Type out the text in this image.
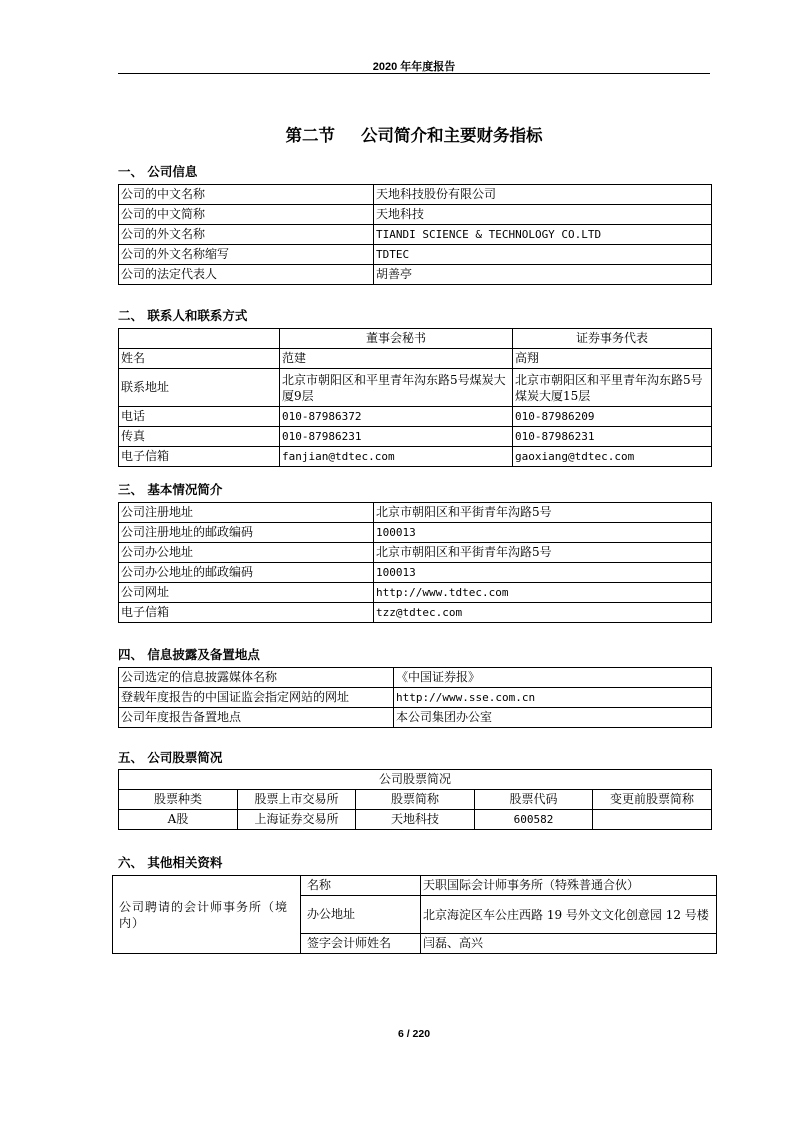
2020 年年度报告
第二节 公司简介和主要财务指标
一、 公司信息
公司的中文名称	天地科技股份有限公司
公司的中文简称	天地科技
公司的外文名称	TIANDI SCIENCE & TECHNOLOGY CO.LTD
公司的外文名称缩写	TDTEC
公司的法定代表人	胡善亭
二、 联系人和联系方式
	董事会秘书	证券事务代表
姓名	范建	高翔
联系地址	北京市朝阳区和平里青年沟东路5号煤炭大厦9层	北京市朝阳区和平里青年沟东路5号煤炭大厦15层
电话	010-87986372	010-87986209
传真	010-87986231	010-87986231
电子信箱	fanjian@tdtec.com	gaoxiang@tdtec.com
三、 基本情况简介
公司注册地址	北京市朝阳区和平街青年沟路5号
公司注册地址的邮政编码	100013
公司办公地址	北京市朝阳区和平街青年沟路5号
公司办公地址的邮政编码	100013
公司网址	http://www.tdtec.com
电子信箱	tzz@tdtec.com
四、 信息披露及备置地点
公司选定的信息披露媒体名称	《中国证券报》
登载年度报告的中国证监会指定网站的网址	http://www.sse.com.cn
公司年度报告备置地点	本公司集团办公室
五、 公司股票简况
公司股票简况				
股票种类	股票上市交易所	股票简称	股票代码	变更前股票简称
A股	上海证券交易所	天地科技	600582	
六、 其他相关资料
公司聘请的会计师事务所（境内）	名称	天职国际会计师事务所（特殊普通合伙）
	办公地址	北京海淀区车公庄西路 19 号外文文化创意园 12 号楼
	签字会计师姓名	闫磊、高兴
6 / 220
